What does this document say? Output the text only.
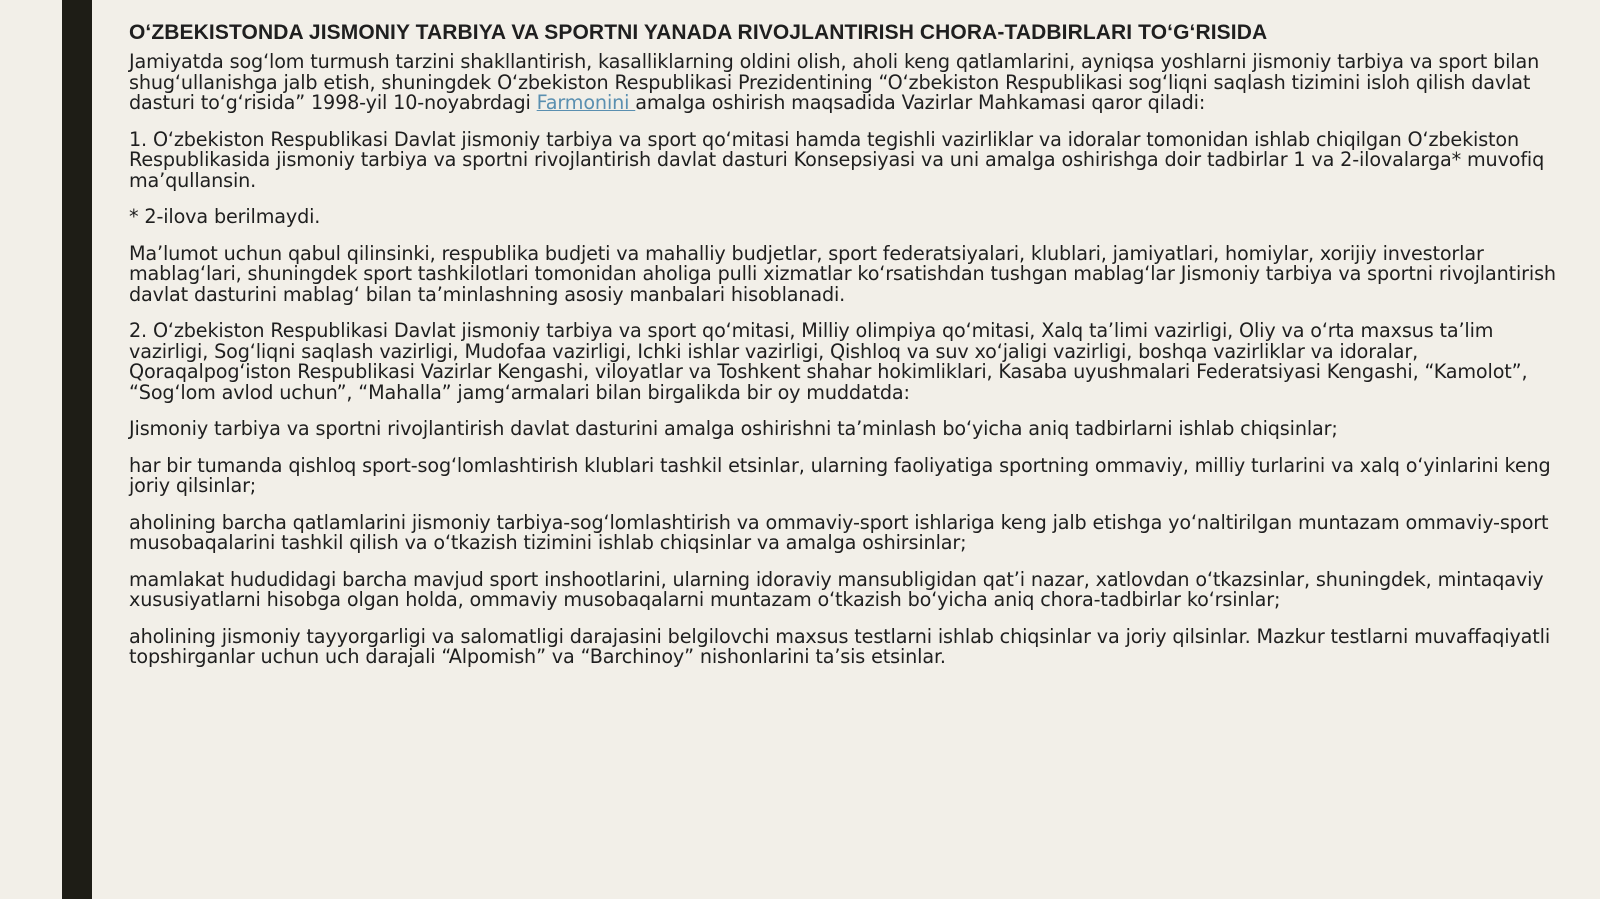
O‘ZBEKISTONDA JISMONIY TARBIYA VA SPORTNI YANADA RIVOJLANTIRISH CHORA-TADBIRLARI TO‘G‘RISIDA

Jamiyatda sog‘lom turmush tarzini shakllantirish, kasalliklarning oldini olish, aholi keng qatlamlarini, ayniqsa yoshlarni jismoniy tarbiya va sport bilan shug‘ullanishga jalb etish, shuningdek O‘zbekiston Respublikasi Prezidentining “O‘zbekiston Respublikasi sog‘liqni saqlash tizimini isloh qilish davlat dasturi to‘g‘risida” 1998-yil 10-noyabrdagi Farmonini amalga oshirish maqsadida Vazirlar Mahkamasi qaror qiladi:

1. O‘zbekiston Respublikasi Davlat jismoniy tarbiya va sport qo‘mitasi hamda tegishli vazirliklar va idoralar tomonidan ishlab chiqilgan O‘zbekiston Respublikasida jismoniy tarbiya va sportni rivojlantirish davlat dasturi Konsepsiyasi va uni amalga oshirishga doir tadbirlar 1 va 2-ilovalarga* muvofiq ma’qullansin.

* 2-ilova berilmaydi.

Ma’lumot uchun qabul qilinsinki, respublika budjeti va mahalliy budjetlar, sport federatsiyalari, klublari, jamiyatlari, homiylar, xorijiy investorlar mablag‘lari, shuningdek sport tashkilotlari tomonidan aholiga pulli xizmatlar ko‘rsatishdan tushgan mablag‘lar Jismoniy tarbiya va sportni rivojlantirish davlat dasturini mablag‘ bilan ta’minlashning asosiy manbalari hisoblanadi.

2. O‘zbekiston Respublikasi Davlat jismoniy tarbiya va sport qo‘mitasi, Milliy olimpiya qo‘mitasi, Xalq ta’limi vazirligi, Oliy va o‘rta maxsus ta’lim vazirligi, Sog‘liqni saqlash vazirligi, Mudofaa vazirligi, Ichki ishlar vazirligi, Qishloq va suv xo‘jaligi vazirligi, boshqa vazirliklar va idoralar, Qoraqalpog‘iston Respublikasi Vazirlar Kengashi, viloyatlar va Toshkent shahar hokimliklari, Kasaba uyushmalari Federatsiyasi Kengashi, “Kamolot”, “Sog‘lom avlod uchun”, “Mahalla” jamg‘armalari bilan birgalikda bir oy muddatda:

Jismoniy tarbiya va sportni rivojlantirish davlat dasturini amalga oshirishni ta’minlash bo‘yicha aniq tadbirlarni ishlab chiqsinlar;

har bir tumanda qishloq sport-sog‘lomlashtirish klublari tashkil etsinlar, ularning faoliyatiga sportning ommaviy, milliy turlarini va xalq o‘yinlarini keng joriy qilsinlar;

aholining barcha qatlamlarini jismoniy tarbiya-sog‘lomlashtirish va ommaviy-sport ishlariga keng jalb etishga yo‘naltirilgan muntazam ommaviy-sport musobaqalarini tashkil qilish va o‘tkazish tizimini ishlab chiqsinlar va amalga oshirsinlar;

mamlakat hududidagi barcha mavjud sport inshootlarini, ularning idoraviy mansubligidan qat’i nazar, xatlovdan o‘tkazsinlar, shuningdek, mintaqaviy xususiyatlarni hisobga olgan holda, ommaviy musobaqalarni muntazam o‘tkazish bo‘yicha aniq chora-tadbirlar ko‘rsinlar;

aholining jismoniy tayyorgarligi va salomatligi darajasini belgilovchi maxsus testlarni ishlab chiqsinlar va joriy qilsinlar. Mazkur testlarni muvaffaqiyatli topshirganlar uchun uch darajali “Alpomish” va “Barchinoy” nishonlarini ta’sis etsinlar.
